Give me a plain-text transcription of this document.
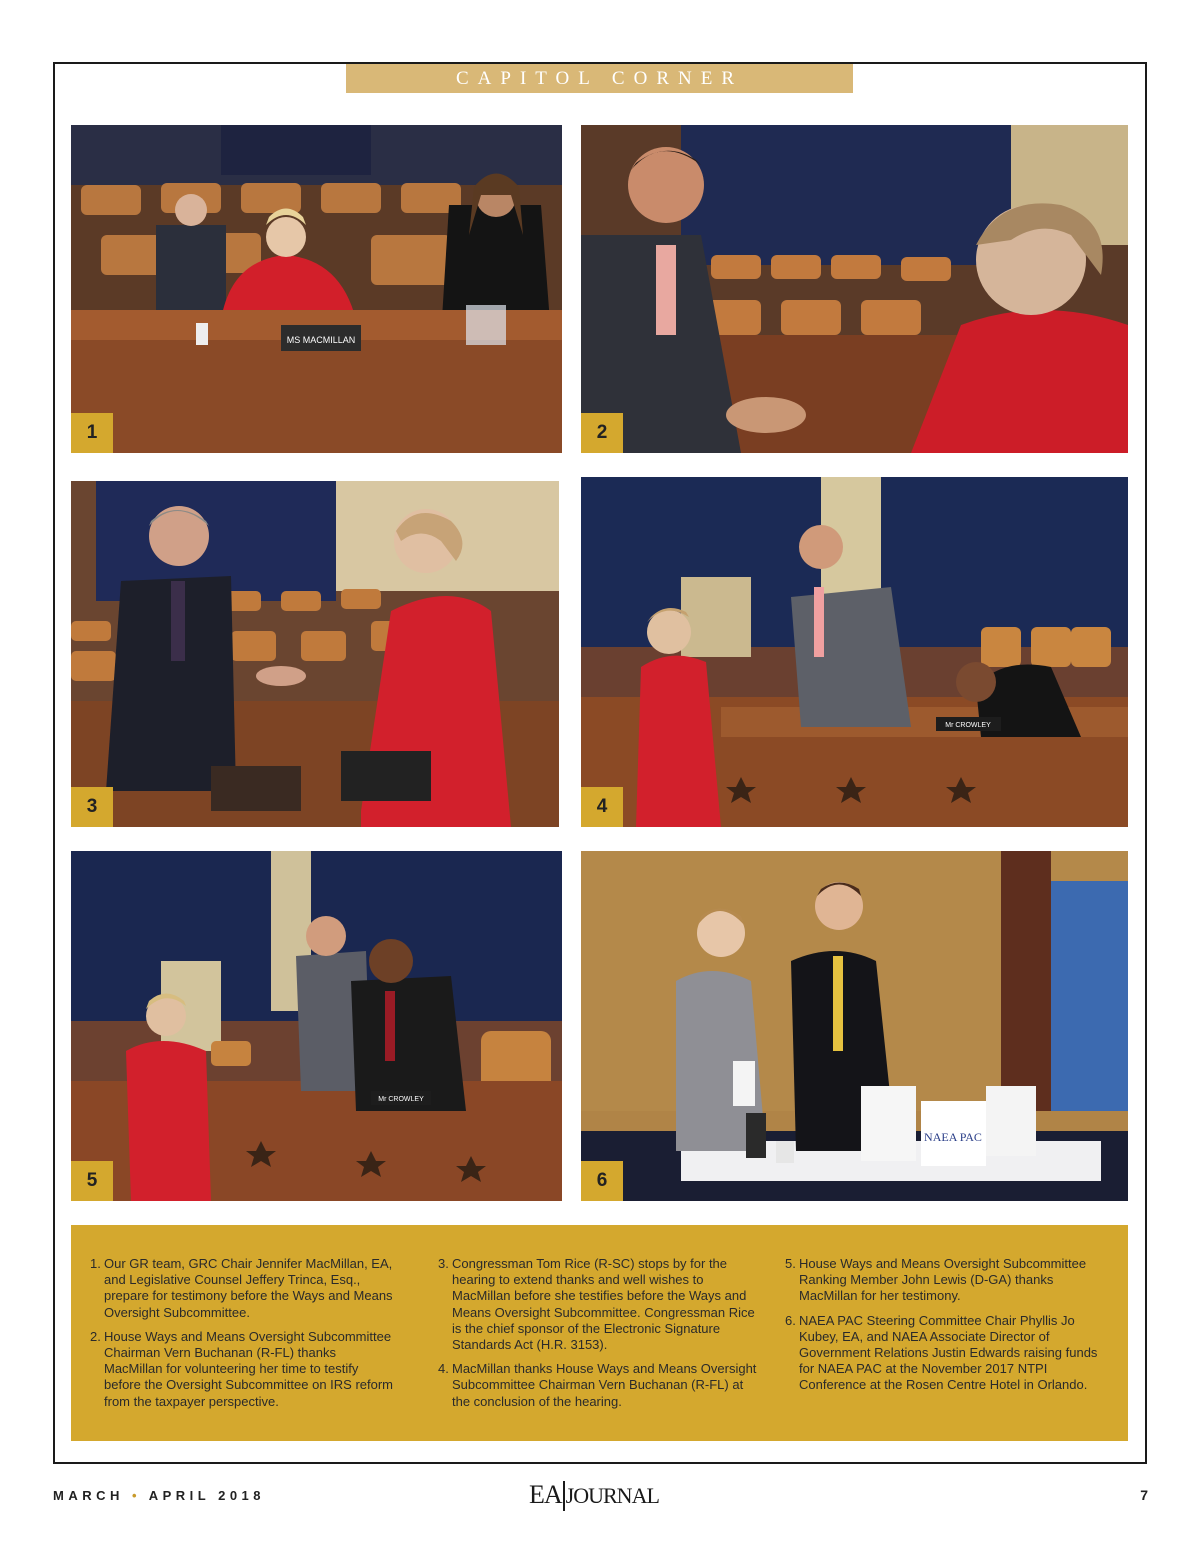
CAPITOL CORNER
MS MACMILLAN
1	2
3
Mr CROWLEY
4
Mr CROWLEY
5
NAEA PAC
6
1. Our GR team, GRC Chair Jennifer MacMillan, EA, and Legislative Counsel Jeffery Trinca, Esq., prepare for testimony before the Ways and Means Oversight Subcommittee.
2. House Ways and Means Oversight Subcommittee Chairman Vern Buchanan (R-FL) thanks MacMillan for volunteering her time to testify before the Oversight Subcommittee on IRS reform from the taxpayer perspective.
3. Congressman Tom Rice (R-SC) stops by for the hearing to extend thanks and well wishes to MacMillan before she testifies before the Ways and Means Oversight Subcommittee. Congressman Rice is the chief sponsor of the Electronic Signature Standards Act (H.R. 3153).
4. MacMillan thanks House Ways and Means Oversight Subcommittee Chairman Vern Buchanan (R-FL) at the conclusion of the hearing.
5. House Ways and Means Oversight Subcommittee Ranking Member John Lewis (D-GA) thanks MacMillan for her testimony.
6. NAEA PAC Steering Committee Chair Phyllis Jo Kubey, EA, and NAEA Associate Director of Government Relations Justin Edwards raising funds for NAEA PAC at the November 2017 NTPI Conference at the Rosen Centre Hotel in Orlando.
MARCH • APRIL 2018	EA JOURNAL	7
